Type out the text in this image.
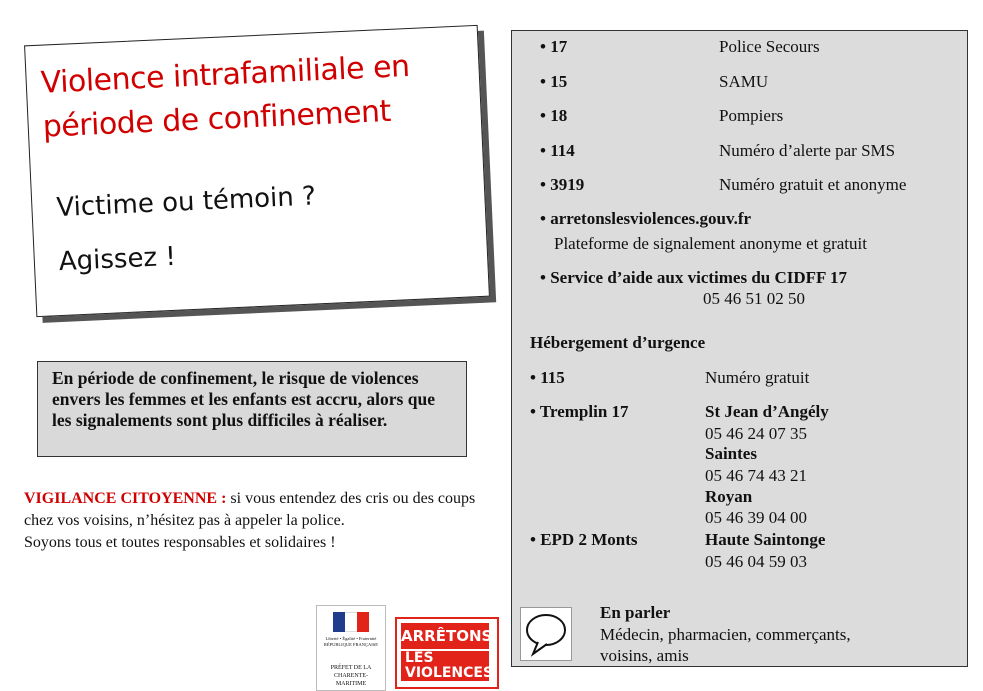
Violence intrafamiliale en
période de confinement
Victime ou témoin ?
Agissez !
En période de confinement, le risque de violences envers les femmes et les enfants est accru, alors que les signalements sont plus difficiles à réaliser.
VIGILANCE CITOYENNE : si vous entendez des cris ou des coups chez vos voisins, n’hésitez pas à appeler la police.
Soyons tous et toutes responsables et solidaires !
Liberté • Égalité • Fraternité RÉPUBLIQUE FRANÇAISE
PRÉFET DE LA CHARENTE-MARITIME
ARRÊTONS
LES VIOLENCES
• 17	Police Secours
• 15	SAMU
• 18	Pompiers
• 114	Numéro d’alerte par SMS
• 3919	Numéro gratuit et anonyme
• arretonslesviolences.gouv.fr
Plateforme de signalement anonyme et gratuit
• Service d’aide aux victimes du CIDFF 17
05 46 51 02 50
Hébergement d’urgence
• 115	Numéro gratuit
• Tremplin 17	St Jean d’Angély
05 46 24 07 35
Saintes
05 46 74 43 21
Royan
05 46 39 04 00
• EPD 2 Monts	Haute Saintonge
05 46 04 59 03
En parler
Médecin, pharmacien, commerçants,
voisins, amis
